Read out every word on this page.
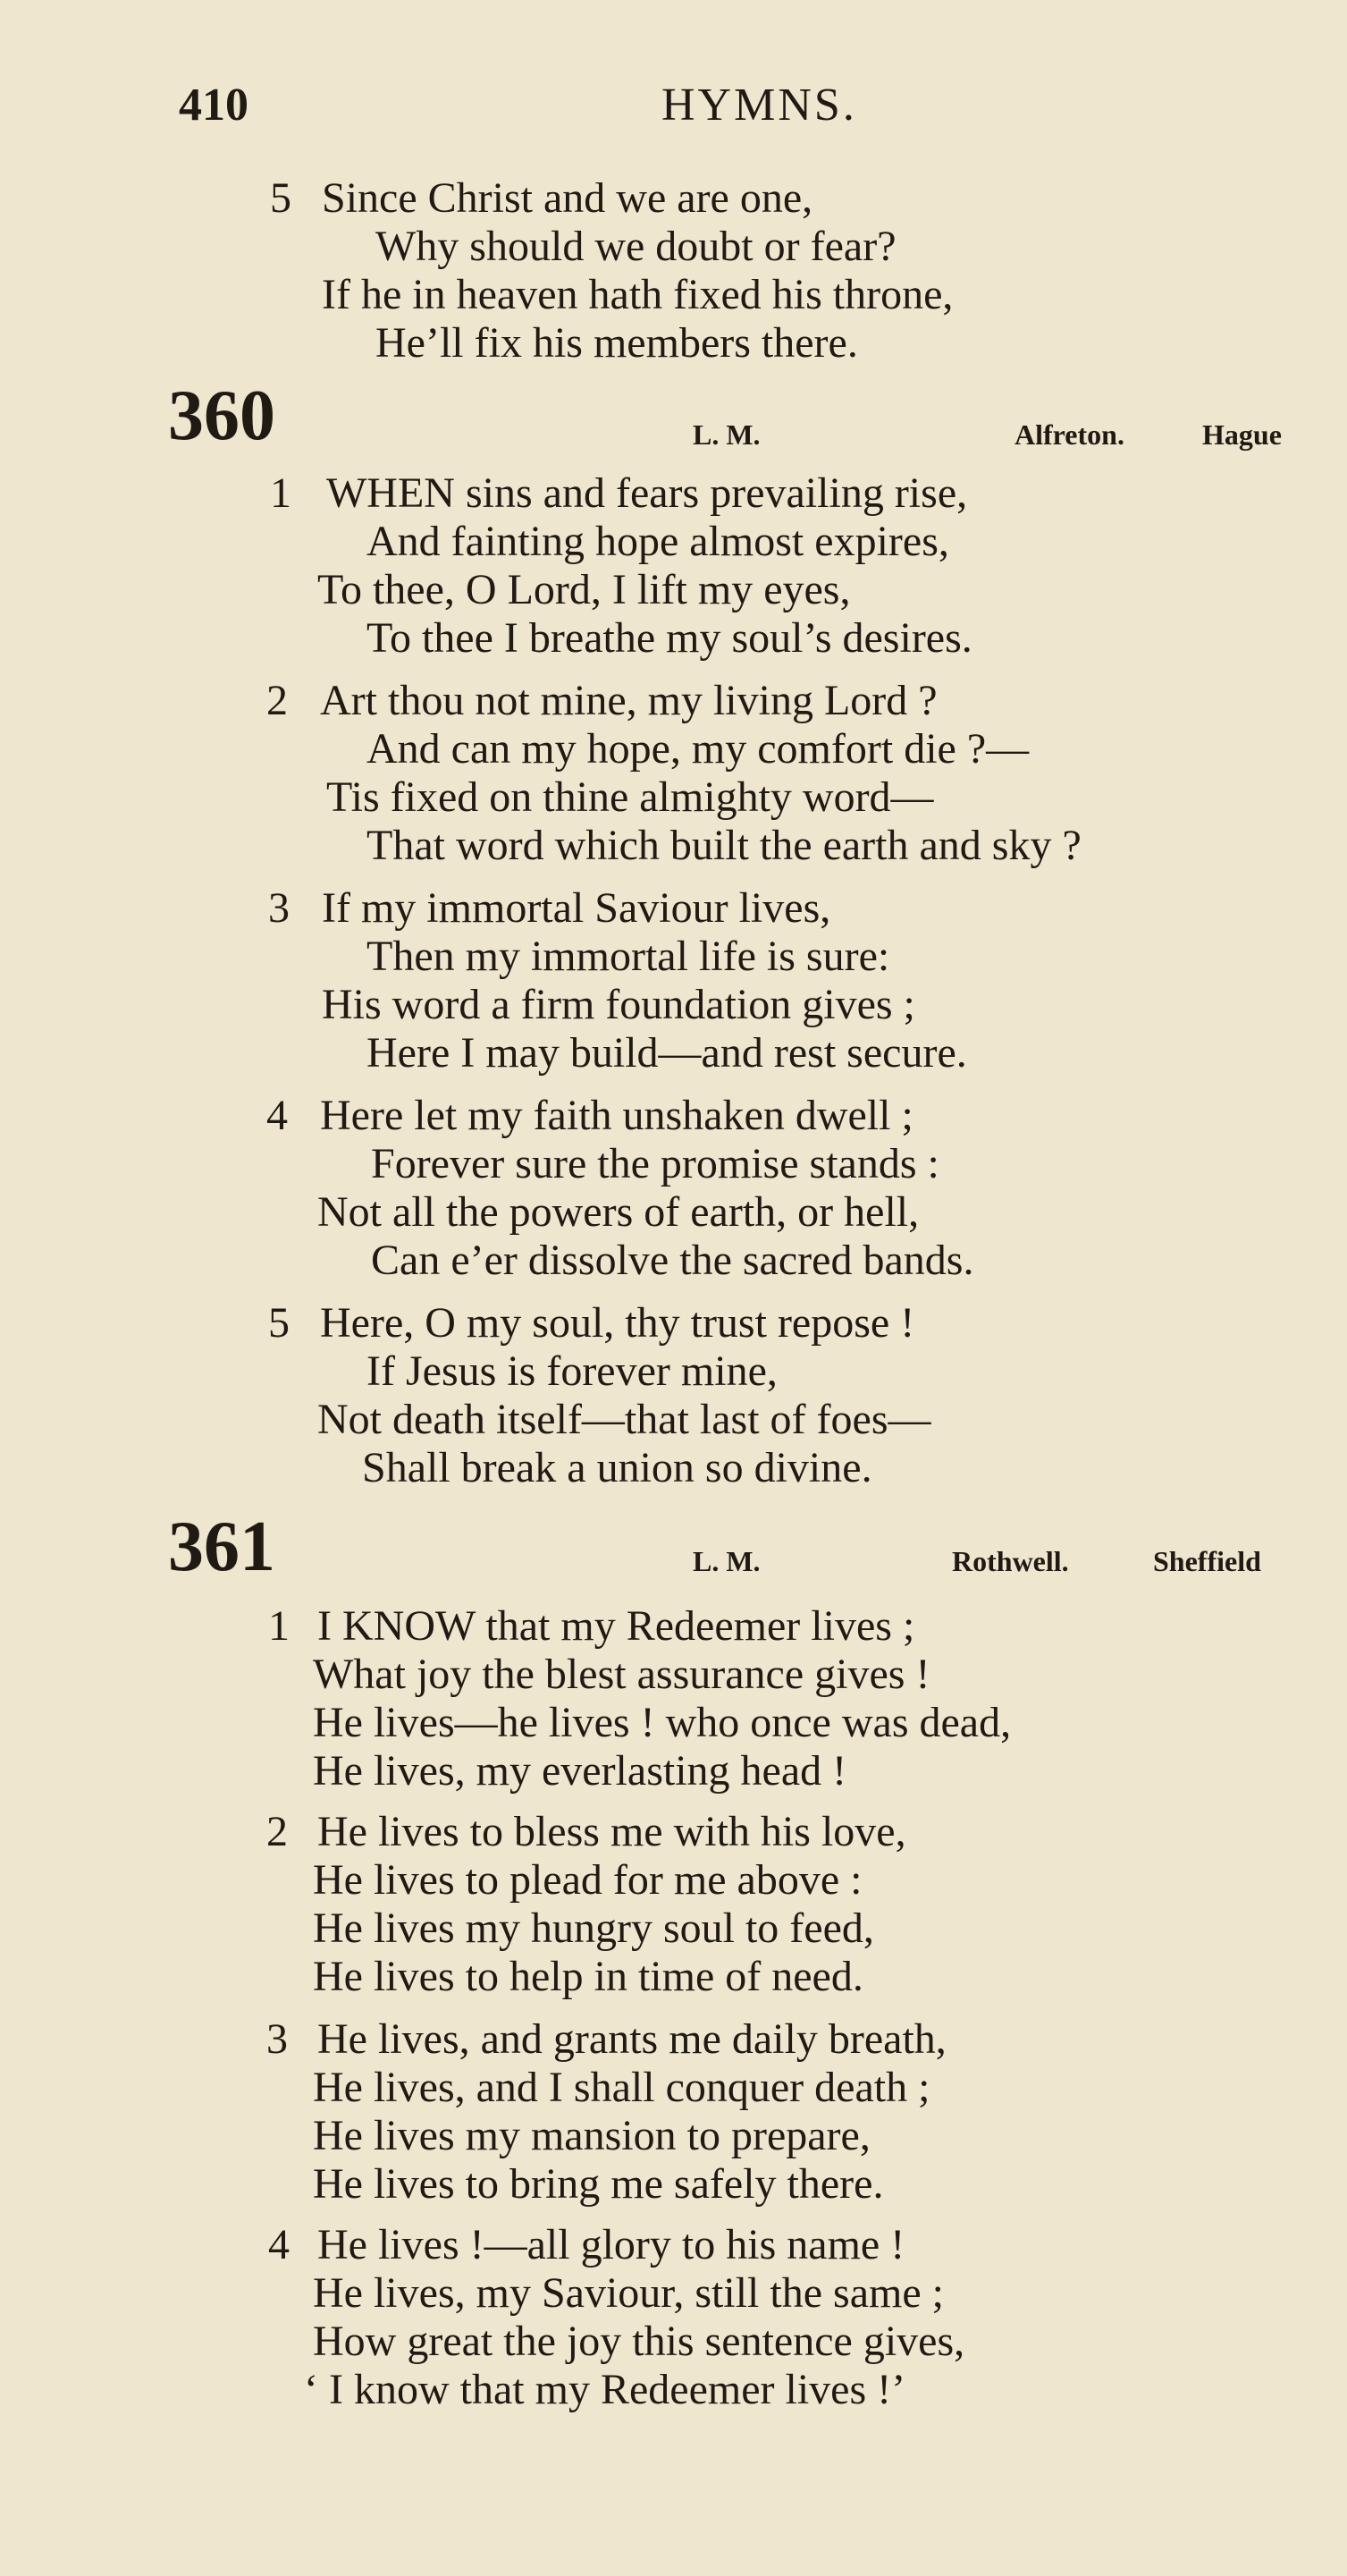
410	HYMNS.
5 Since Christ and we are one,
Why should we doubt or fear?
If he in heaven hath fixed his throne,
He’ll fix his members there.
360	L. M.	Alfreton.	Hague
1 WHEN sins and fears prevailing rise,
And fainting hope almost expires,
To thee, O Lord, I lift my eyes,
To thee I breathe my soul’s desires.
2 Art thou not mine, my living Lord ?
And can my hope, my comfort die ?—
Tis fixed on thine almighty word—
That word which built the earth and sky ?
3 If my immortal Saviour lives,
Then my immortal life is sure:
His word a firm foundation gives ;
Here I may build—and rest secure.
4 Here let my faith unshaken dwell ;
Forever sure the promise stands :
Not all the powers of earth, or hell,
Can e’er dissolve the sacred bands.
5 Here, O my soul, thy trust repose !
If Jesus is forever mine,
Not death itself—that last of foes—
Shall break a union so divine.
361	L. M.	Rothwell.	Sheffield
1 I KNOW that my Redeemer lives ;
What joy the blest assurance gives !
He lives—he lives ! who once was dead,
He lives, my everlasting head !
2 He lives to bless me with his love,
He lives to plead for me above :
He lives my hungry soul to feed,
He lives to help in time of need.
3 He lives, and grants me daily breath,
He lives, and I shall conquer death ;
He lives my mansion to prepare,
He lives to bring me safely there.
4 He lives !—all glory to his name !
He lives, my Saviour, still the same ;
How great the joy this sentence gives,
‘ I know that my Redeemer lives !’
